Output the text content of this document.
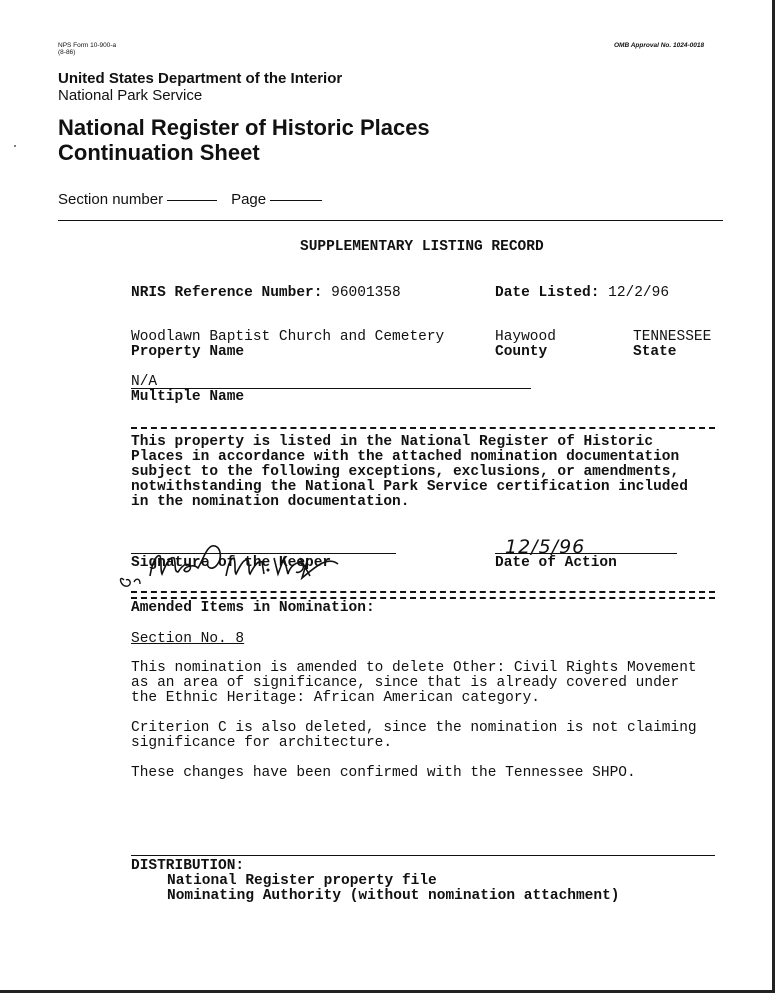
NPS Form 10-900-a
(8-86)
OMB Approval No. 1024-0018
United States Department of the Interior
National Park Service
National Register of Historic Places
Continuation Sheet
Section number	Page
SUPPLEMENTARY LISTING RECORD
NRIS Reference Number: 96001358	Date Listed: 12/2/96
Woodlawn Baptist Church and Cemetery
Property Name
Haywood
County
TENNESSEE
State
N/A
Multiple Name
This property is listed in the National Register of Historic
Places in accordance with the attached nomination documentation
subject to the following exceptions, exclusions, or amendments,
notwithstanding the National Park Service certification included
in the nomination documentation.

Signature of the Keeper
12/5/96
Date of Action
Amended Items in Nomination:
Section No. 8
This nomination is amended to delete Other: Civil Rights Movement
as an area of significance, since that is already covered under
the Ethnic Heritage: African American category.
Criterion C is also deleted, since the nomination is not claiming
significance for architecture.
These changes have been confirmed with the Tennessee SHPO.
DISTRIBUTION:
National Register property file
Nominating Authority (without nomination attachment)
